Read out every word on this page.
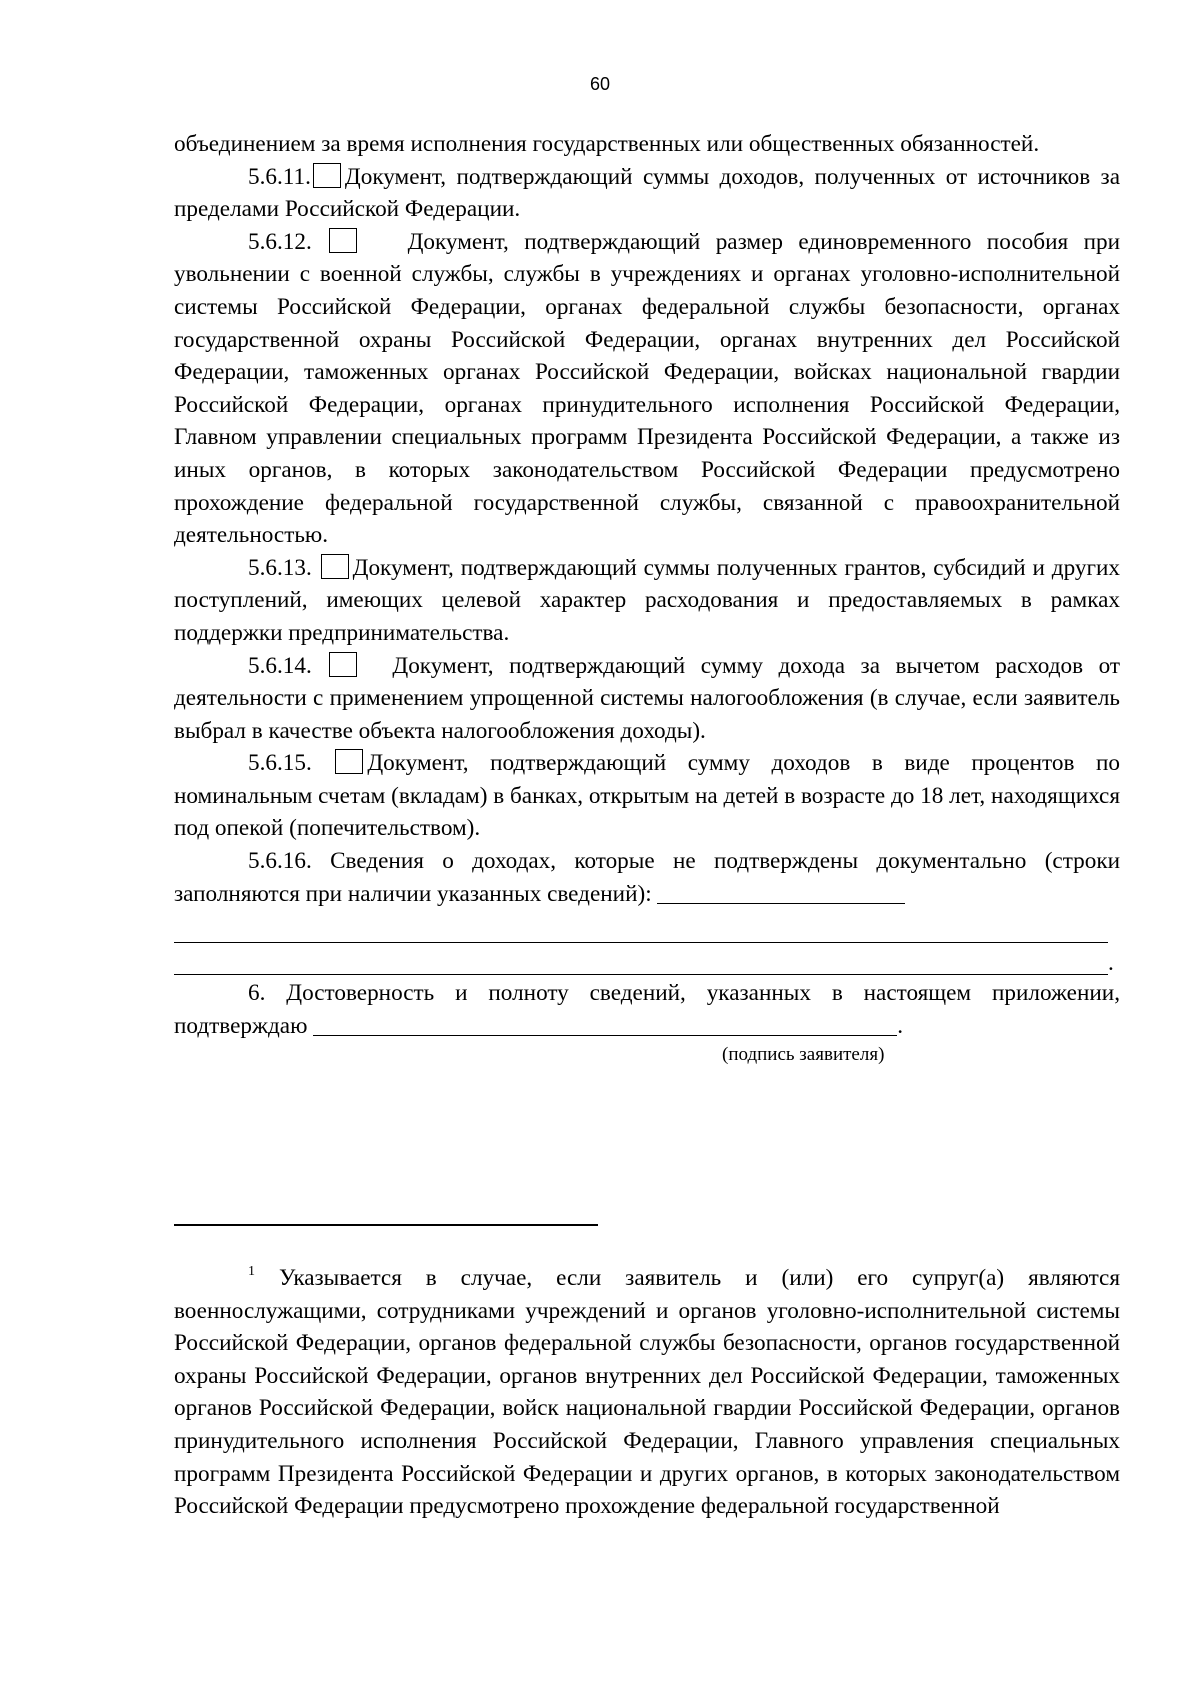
60

объединением за время исполнения государственных или общественных обязанностей.

5.6.11. Документ, подтверждающий суммы доходов, полученных от источников за пределами Российской Федерации.

5.6.12.	Документ, подтверждающий размер единовременного пособия при увольнении с военной службы, службы в учреждениях и органах уголовно-исполнительной системы Российской Федерации, органах федеральной службы безопасности, органах государственной охраны Российской Федерации, органах внутренних дел Российской Федерации, таможенных органах Российской Федерации, войсках национальной гвардии Российской Федерации, органах принудительного исполнения Российской Федерации, Главном управлении специальных программ Президента Российской Федерации, а также из иных органов, в которых законодательством Российской Федерации предусмотрено прохождение федеральной государственной службы, связанной с правоохранительной деятельностью.

5.6.13. Документ, подтверждающий суммы полученных грантов, субсидий и других поступлений, имеющих целевой характер расходования и предоставляемых в рамках поддержки предпринимательства.

5.6.14.	Документ, подтверждающий сумму дохода за вычетом расходов от деятельности с применением упрощенной системы налогообложения (в случае, если заявитель выбрал в качестве объекта налогообложения доходы).

5.6.15. Документ, подтверждающий сумму доходов в виде процентов по номинальным счетам (вкладам) в банках, открытым на детей в возрасте до 18 лет, находящихся под опекой (попечительством).

5.6.16. Сведения о доходах, которые не подтверждены документально (строки заполняются при наличии указанных сведений):

.

6. Достоверность и полноту сведений, указанных в настоящем приложении, подтверждаю	.

(подпись заявителя)

$^1$ Указывается в случае, если заявитель и (или) его супруг(а) являются военнослужащими, сотрудниками учреждений и органов уголовно-исполнительной системы Российской Федерации, органов федеральной службы безопасности, органов государственной охраны Российской Федерации, органов внутренних дел Российской Федерации, таможенных органов Российской Федерации, войск национальной гвардии Российской Федерации, органов принудительного исполнения Российской Федерации, Главного управления специальных программ Президента Российской Федерации и других органов, в которых законодательством Российской Федерации предусмотрено прохождение федеральной государственной
